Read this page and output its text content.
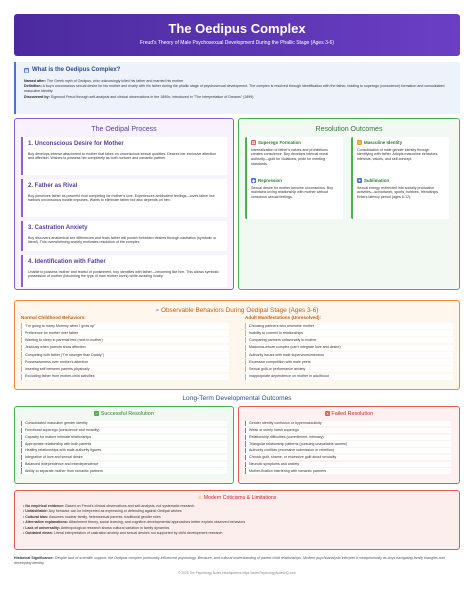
The Oedipus Complex

Freud's Theory of Male Psychosexual Development During the Phallic Stage (Ages 3-6)

▤ What is the Oedipus Complex?
Named after: The Greek myth of Oedipus, who unknowingly killed his father and married his mother
Definition: A boy's unconscious sexual desire for his mother and rivalry with his father during the phallic stage of psychosexual development. The complex is resolved through identification with the father, leading to superego (conscience) formation and consolidated masculine identity.
Discovered by: Sigmund Freud through self-analysis and clinical observations in the 1890s; introduced in "The Interpretation of Dreams" (1899)
The Oedipal Process
1. Unconscious Desire for Mother

Boy develops intense attachment to mother that takes on unconscious sexual qualities. Desires her exclusive attention and affection. Wishes to possess her completely as both nurturer and romantic partner.

2. Father as Rival

Boy perceives father as powerful rival competing for mother's love. Experiences ambivalent feelings—loves father but harbors unconscious hostile impulses. Wants to eliminate father but also depends on him.

3. Castration Anxiety

Boy discovers anatomical sex differences and fears father will punish forbidden desires through castration (symbolic or literal). This overwhelming anxiety motivates resolution of the complex.

4. Identification with Father

Unable to possess mother and fearful of punishment, boy identifies with father—becoming like him. This allows symbolic possession of mother (becoming the type of man mother loves) while avoiding rivalry.

Resolution Outcomes
⚖ Superego Formation

Internalization of father's values and prohibitions creates conscience. Boy develops internal moral authority—guilt for violations, pride for meeting standards.

☺ Masculine Identity

Consolidation of male gender identity through identifying with father. Adopts masculine behaviors, interests, values, and self-concept.

◆ Repression

Sexual desire for mother become unconscious. Boy maintains loving relationship with mother without conscious sexual feelings.

✦ Sublimation

Sexual energy redirected into socially productive activities—schoolwork, sports, hobbies, friendships. Enters latency period (ages 6-12).

⌕ Observable Behaviors During Oedipal Stage (Ages 3-6)
Normal Childhood Behaviors:
"I'm going to marry Mommy when I grow up"
Preference for mother over father
Wanting to sleep in parental bed (next to mother)
Jealousy when parents show affection
Competing with father ("I'm stronger than Daddy")
Possessiveness over mother's attention
Inserting self between parents physically
Excluding father from mother-child activities
Adult Manifestations (Unresolved):
Choosing partners who resemble mother
Inability to commit to relationships
Comparing partners unfavorably to mother
Madonna-whore complex (can't integrate love and desire)
Authority issues with male supervisors/mentors
Excessive competition with male peers
Sexual guilt or performance anxiety
Inappropriate dependence on mother in adulthood
Long-Term Developmental Outcomes
✓ Successful Resolution
Consolidated masculine gender identity
Functional superego (conscience and morality)
Capacity for mature intimate relationships
Appropriate relationship with both parents
Healthy relationships with male authority figures
Integration of love and sexual desire
Balanced independence and interdependence
Ability to separate mother from romantic partners
✕ Failed Resolution
Gender identity confusion or hypermasculinity
Weak or overly harsh superego
Relationship difficulties (commitment, intimacy)
Triangular relationship patterns (pursuing unavailable women)
Authority conflicts (excessive submission or rebellion)
Chronic guilt, shame, or excessive guilt about sexuality
Neurotic symptoms and anxiety
Mother-fixation interfering with romantic partners
⚠ Modern Criticisms & Limitations
• No empirical evidence: Based on Freud's clinical observations and self-analysis, not systematic research
• Unfalsifiable: Any behavior can be interpreted as expressing or defending against Oedipal wishes
• Cultural bias: Assumes nuclear family, heterosexual parents, traditional gender roles
• Alternative explanations: Attachment theory, social learning, and cognitive-developmental approaches better explain observed behaviors
• Lack of universality: Anthropological research shows cultural variation in family dynamics
• Outdated views: Literal interpretation of castration anxiety and sexual desires not supported by child development research
Historical Significance: Despite lack of scientific support, the Oedipus complex profoundly influenced psychology, literature, and cultural understanding of parent-child relationships. Modern psychoanalysts interpret it metaphorically as boys navigating family triangles and developing identity.
© 2025 The Psychology Notes Headquarters https://www.PsychologyNotesHQ.com
